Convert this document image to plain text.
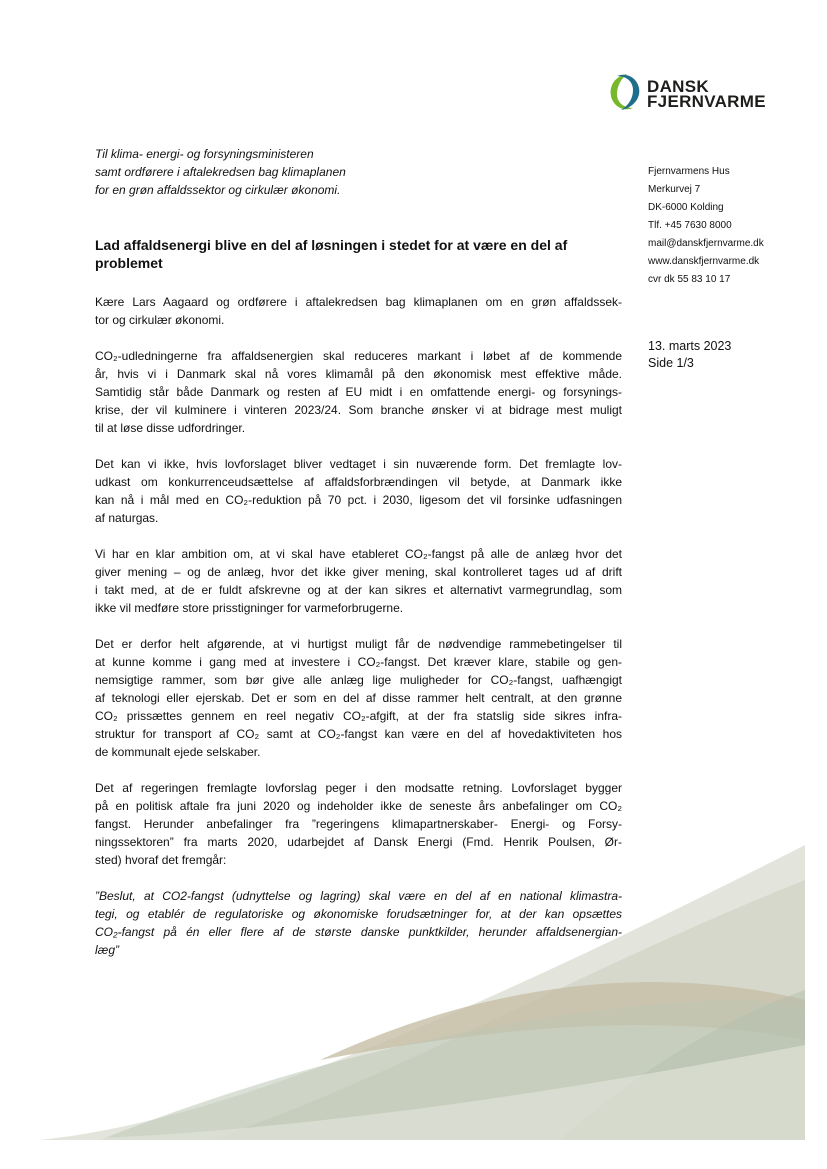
DANSK
FJERNVARME
Til klima- energi- og forsyningsministeren
samt ordførere i aftalekredsen bag klimaplanen
for en grøn affaldssektor og cirkulær økonomi.
Fjernvarmens Hus
Merkurvej 7
DK-6000 Kolding
Tlf. +45 7630 8000
mail@danskfjernvarme.dk
www.danskfjernvarme.dk
cvr dk 55 83 10 17
13. marts 2023
Side 1/3
Lad affaldsenergi blive en del af løsningen i stedet for at være en del af
problemet

Kære Lars Aagaard og ordførere i aftalekredsen bag klimaplanen om en grøn affaldssek-
tor og cirkulær økonomi.

CO₂-udledningerne fra affaldsenergien skal reduceres markant i løbet af de kommende
år, hvis vi i Danmark skal nå vores klimamål på den økonomisk mest effektive måde.
Samtidig står både Danmark og resten af EU midt i en omfattende energi- og forsynings-
krise, der vil kulminere i vinteren 2023/24. Som branche ønsker vi at bidrage mest muligt
til at løse disse udfordringer.

Det kan vi ikke, hvis lovforslaget bliver vedtaget i sin nuværende form. Det fremlagte lov-
udkast om konkurrenceudsættelse af affaldsforbrændingen vil betyde, at Danmark ikke
kan nå i mål med en CO₂-reduktion på 70 pct. i 2030, ligesom det vil forsinke udfasningen
af naturgas.

Vi har en klar ambition om, at vi skal have etableret CO₂-fangst på alle de anlæg hvor det
giver mening – og de anlæg, hvor det ikke giver mening, skal kontrolleret tages ud af drift
i takt med, at de er fuldt afskrevne og at der kan sikres et alternativt varmegrundlag, som
ikke vil medføre store prisstigninger for varmeforbrugerne.

Det er derfor helt afgørende, at vi hurtigst muligt får de nødvendige rammebetingelser til
at kunne komme i gang med at investere i CO₂-fangst. Det kræver klare, stabile og gen-
nemsigtige rammer, som bør give alle anlæg lige muligheder for CO₂-fangst, uafhængigt
af teknologi eller ejerskab. Det er som en del af disse rammer helt centralt, at den grønne
CO₂ prissættes gennem en reel negativ CO₂-afgift, at der fra statslig side sikres infra-
struktur for transport af CO₂ samt at CO₂-fangst kan være en del af hovedaktiviteten hos
de kommunalt ejede selskaber.

Det af regeringen fremlagte lovforslag peger i den modsatte retning. Lovforslaget bygger
på en politisk aftale fra juni 2020 og indeholder ikke de seneste års anbefalinger om CO₂
fangst. Herunder anbefalinger fra ”regeringens klimapartnerskaber- Energi- og Forsy-
ningssektoren” fra marts 2020, udarbejdet af Dansk Energi (Fmd. Henrik Poulsen, Ør-
sted) hvoraf det fremgår:

”Beslut, at CO2-fangst (udnyttelse og lagring) skal være en del af en national klimastra-
tegi, og etablér de regulatoriske og økonomiske forudsætninger for, at der kan opsættes
CO₂-fangst på én eller flere af de største danske punktkilder, herunder affaldsenergian-
læg”
